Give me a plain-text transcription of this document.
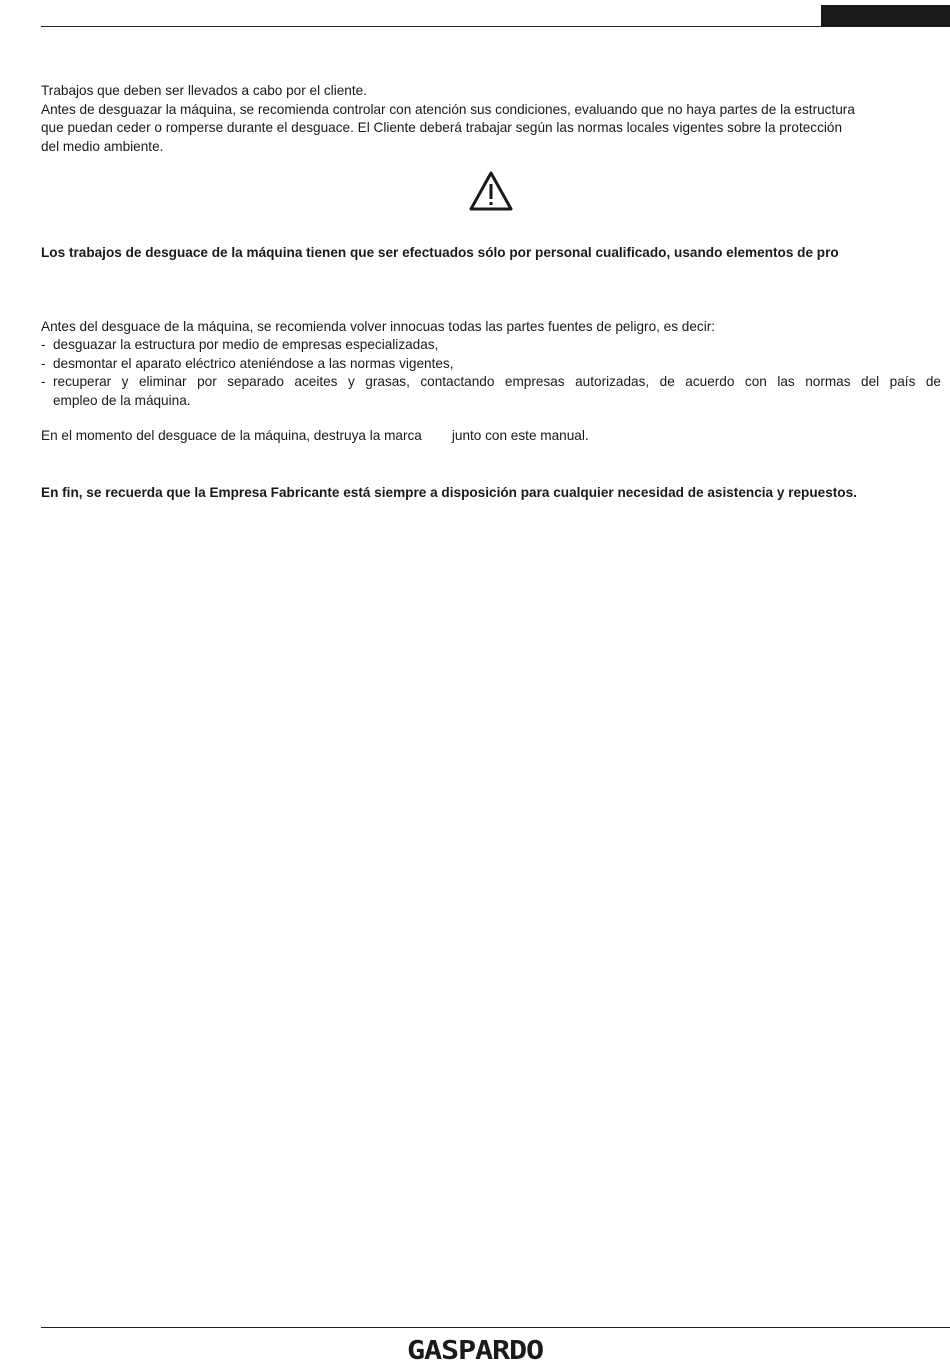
Trabajos que deben ser llevados a cabo por el cliente.
Antes de desguazar la máquina, se recomienda controlar con atención sus condiciones, evaluando que no haya partes de la estructura
que puedan ceder o romperse durante el desguace. El Cliente deberá trabajar según las normas locales vigentes sobre la protección
del medio ambiente.

Los trabajos de desguace de la máquina tienen que ser efectuados sólo por personal cualificado, usando elementos de pro

Antes del desguace de la máquina, se recomienda volver innocuas todas las partes fuentes de peligro, es decir:

- desguazar la estructura por medio de empresas especializadas,
- desmontar el aparato eléctrico ateniéndose a las normas vigentes,
- recuperar y eliminar por separado aceites y grasas, contactando empresas autorizadas, de acuerdo con las normas del país de
empleo de la máquina.

En el momento del desguace de la máquina, destruya la marca junto con este manual.

En fin, se recuerda que la Empresa Fabricante está siempre a disposición para cualquier necesidad de asistencia y repuestos.

GASPARDO
